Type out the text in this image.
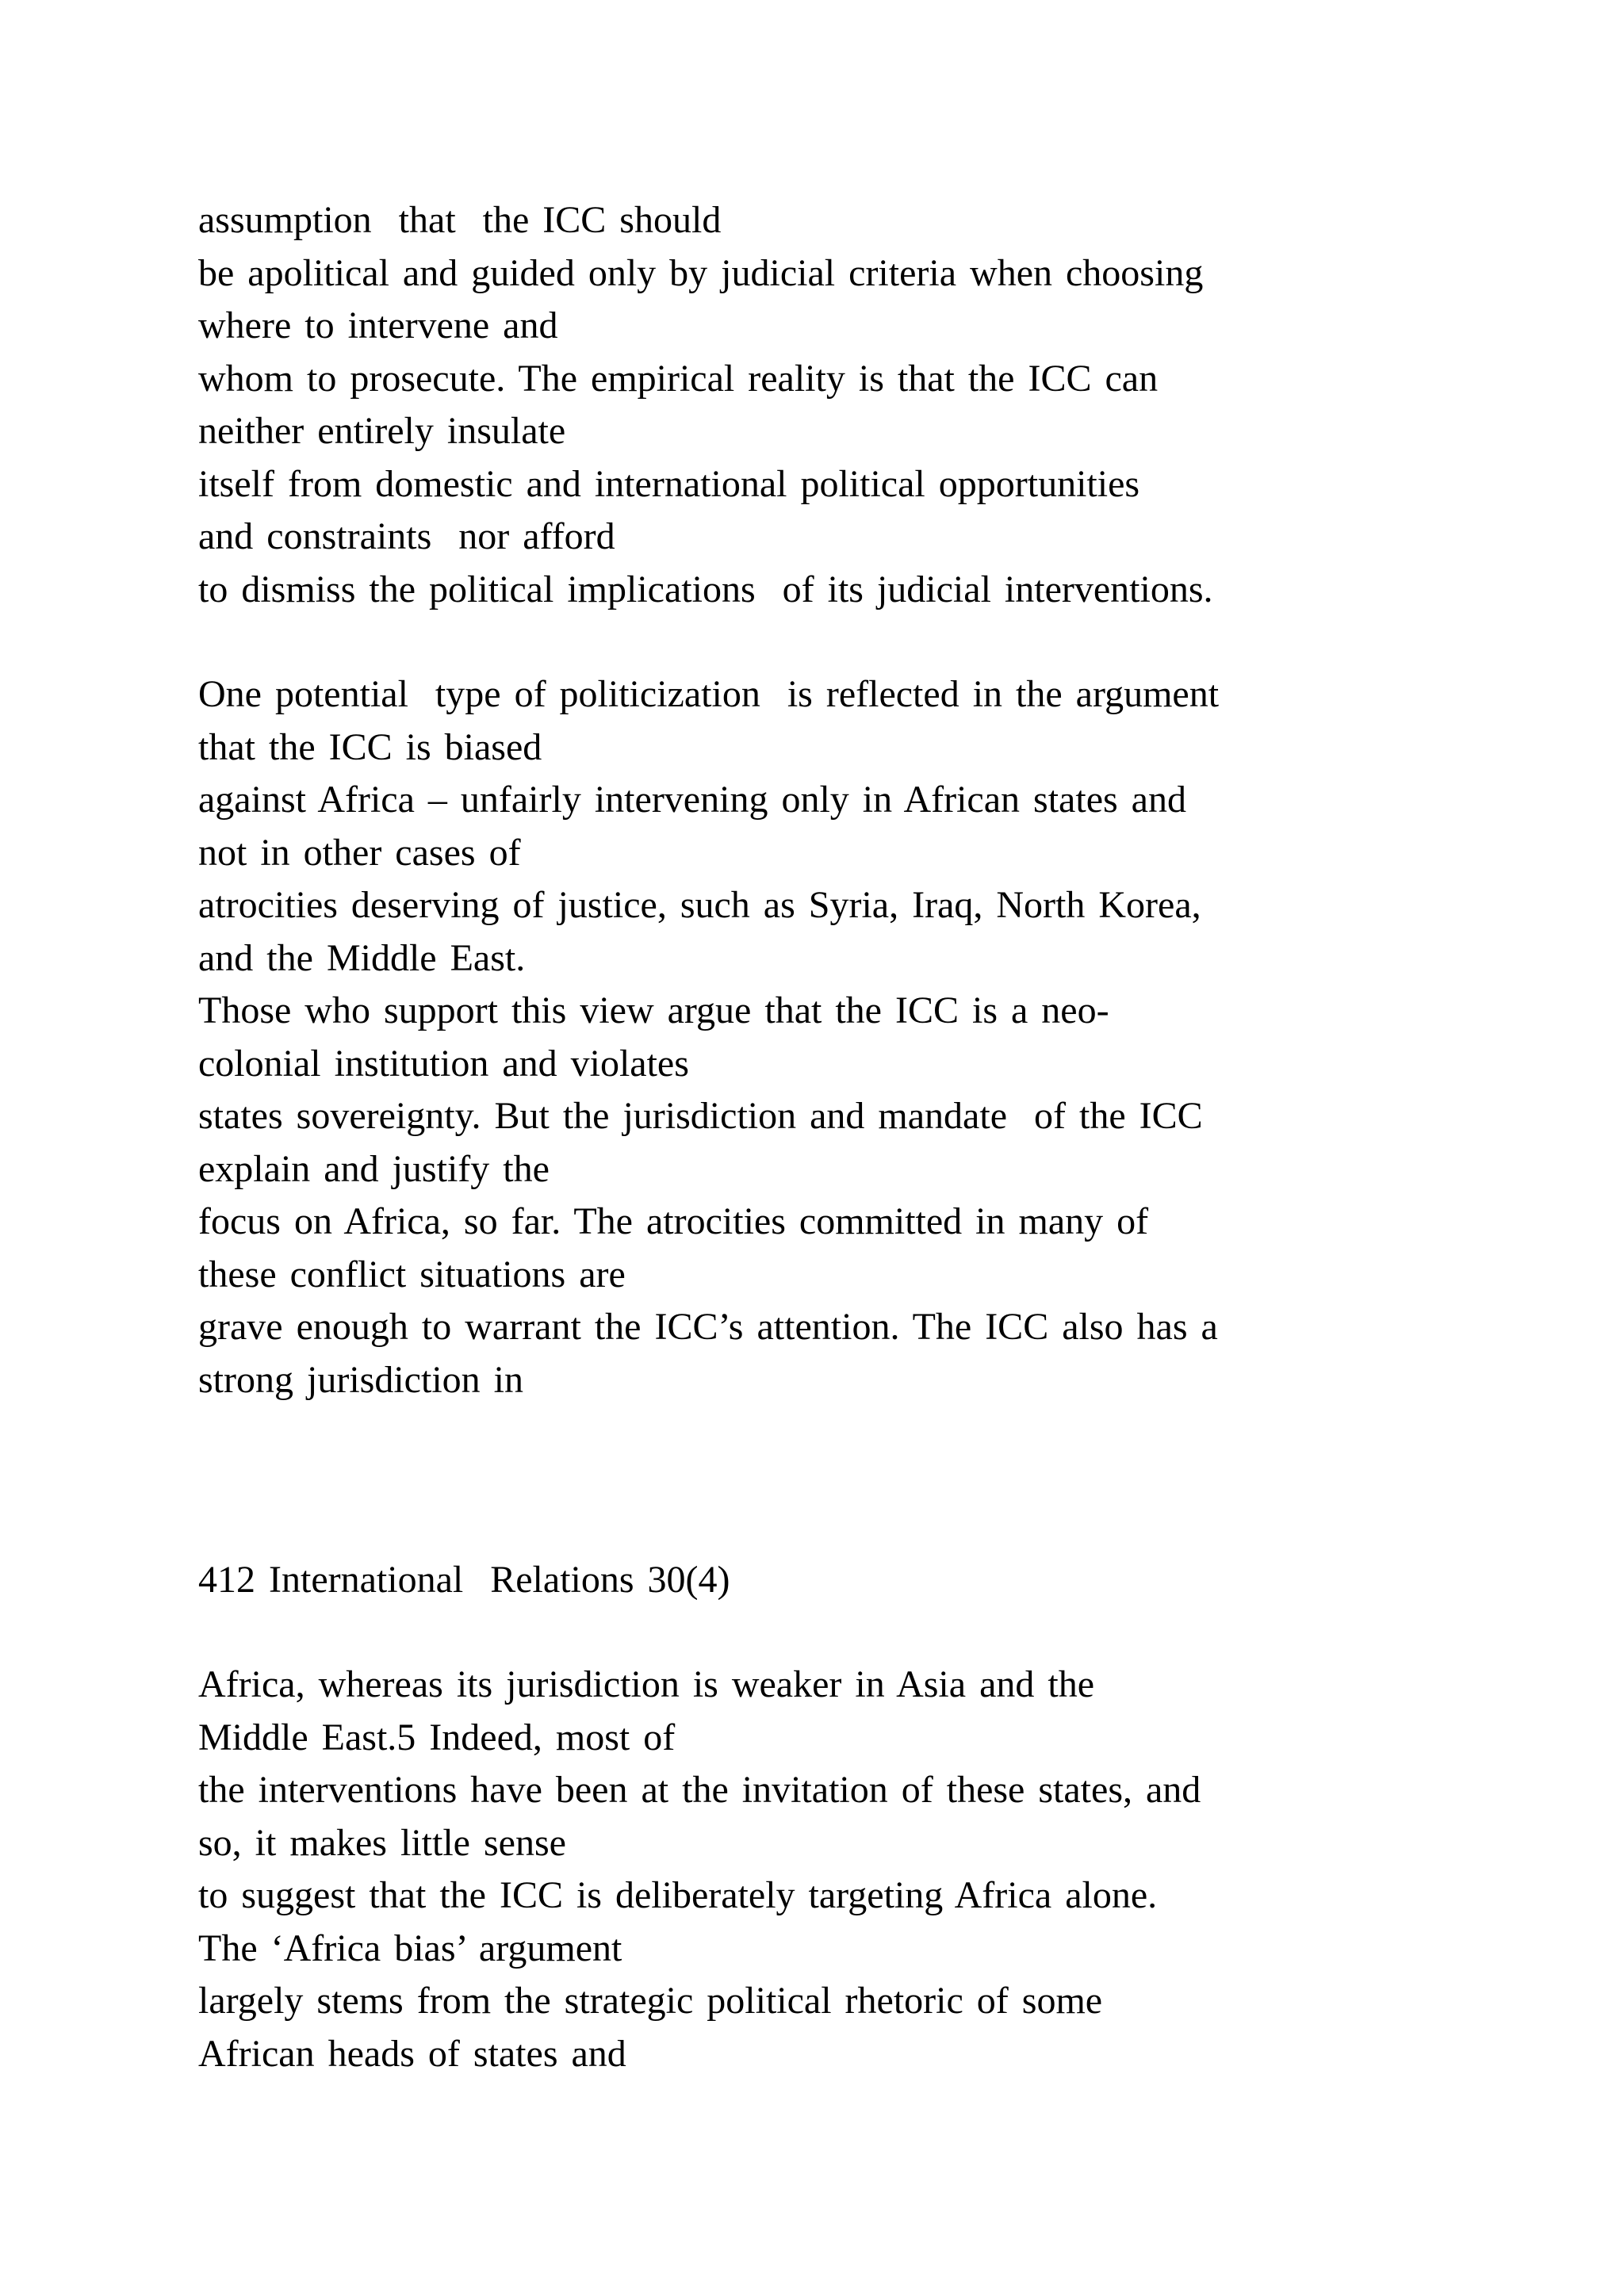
assumption  that  the ICC should
be apolitical and guided only by judicial criteria when choosing
where to intervene and
whom to prosecute. The empirical reality is that the ICC can
neither entirely insulate
itself from domestic and international political opportunities
and constraints  nor afford
to dismiss the political implications  of its judicial interventions.
One potential  type of politicization  is reflected in the argument
that the ICC is biased
against Africa – unfairly intervening only in African states and
not in other cases of
atrocities deserving of justice, such as Syria, Iraq, North Korea,
and the Middle East.
Those who support this view argue that the ICC is a neo-
colonial institution and violates
states sovereignty. But the jurisdiction and mandate  of the ICC
explain and justify the
focus on Africa, so far. The atrocities committed in many of
these conflict situations are
grave enough to warrant the ICC’s attention. The ICC also has a
strong jurisdiction in
412 International  Relations 30(4)
Africa, whereas its jurisdiction is weaker in Asia and the
Middle East.5 Indeed, most of
the interventions have been at the invitation of these states, and
so, it makes little sense
to suggest that the ICC is deliberately targeting Africa alone.
The ‘Africa bias’ argument
largely stems from the strategic political rhetoric of some
African heads of states and
